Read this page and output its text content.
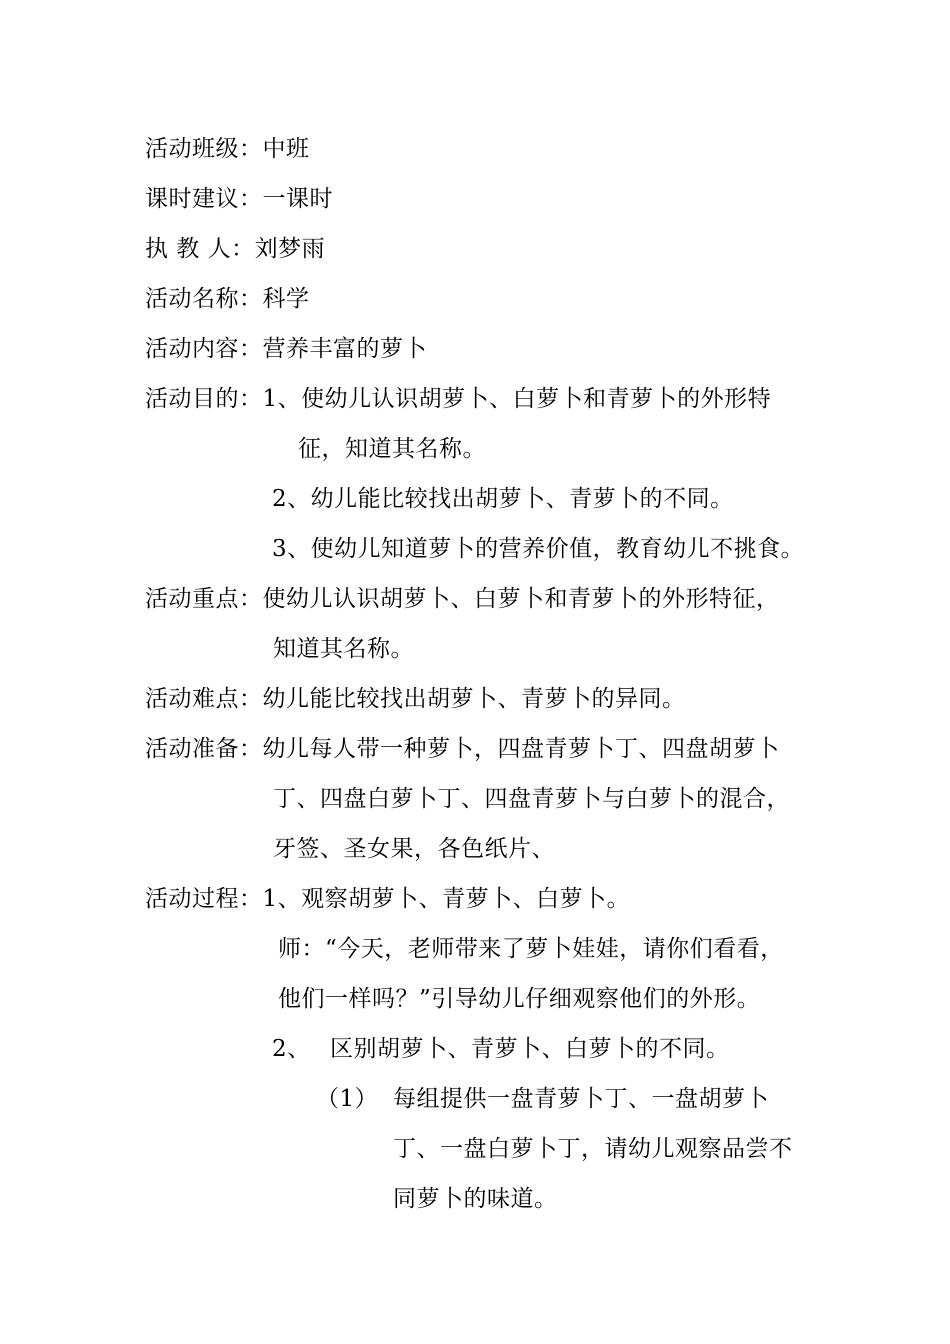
活动班级：中班
课时建议：一课时
执 教 人：刘梦雨
活动名称：科学
活动内容：营养丰富的萝卜
活动目的：1、使幼儿认识胡萝卜、白萝卜和青萝卜的外形特
征，知道其名称。
2、幼儿能比较找出胡萝卜、青萝卜的不同。
3、使幼儿知道萝卜的营养价值，教育幼儿不挑食。
活动重点：使幼儿认识胡萝卜、白萝卜和青萝卜的外形特征，
知道其名称。
活动难点：幼儿能比较找出胡萝卜、青萝卜的异同。
活动准备：幼儿每人带一种萝卜，四盘青萝卜丁、四盘胡萝卜
丁、四盘白萝卜丁、四盘青萝卜与白萝卜的混合，
牙签、圣女果，各色纸片、
活动过程：1、观察胡萝卜、青萝卜、白萝卜。
师：“今天，老师带来了萝卜娃娃，请你们看看，
他们一样吗？”引导幼儿仔细观察他们的外形。
2、 区别胡萝卜、青萝卜、白萝卜的不同。
（1） 每组提供一盘青萝卜丁、一盘胡萝卜
丁、一盘白萝卜丁，请幼儿观察品尝不
同萝卜的味道。
